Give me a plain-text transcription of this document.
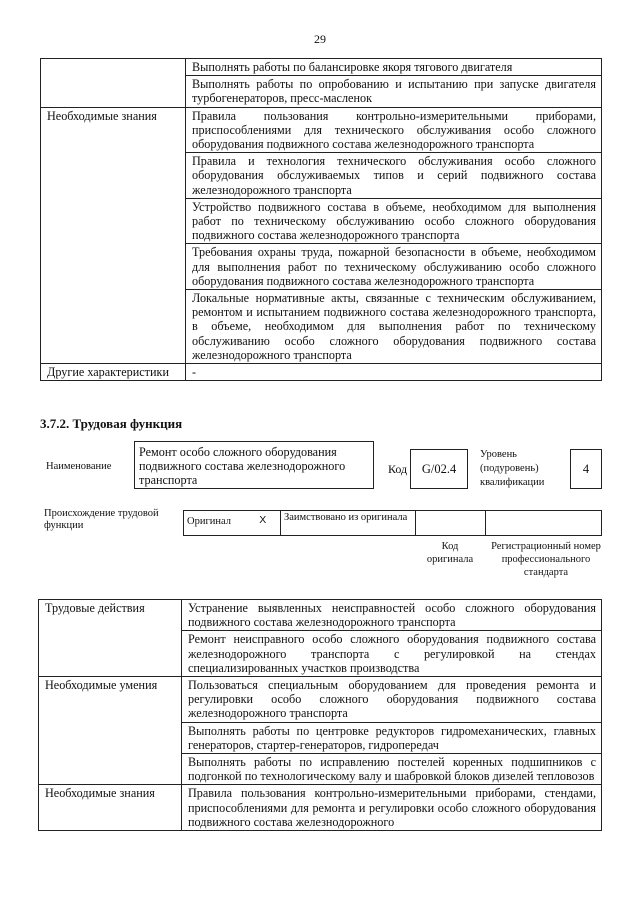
29
	Выполнять работы по балансировке якоря тягового двигателя
	Выполнять работы по опробованию и испытанию при запуске двигателя турбогенераторов, пресс-масленок
Необходимые знания	Правила пользования контрольно-измерительными приборами, приспособлениями для технического обслуживания особо сложного оборудования подвижного состава железнодорожного транспорта
	Правила и технология технического обслуживания особо сложного оборудования обслуживаемых типов и серий подвижного состава железнодорожного транспорта
	Устройство подвижного состава в объеме, необходимом для выполнения работ по техническому обслуживанию особо сложного оборудования подвижного состава железнодорожного транспорта
	Требования охраны труда, пожарной безопасности в объеме, необходимом для выполнения работ по техническому обслуживанию особо сложного оборудования подвижного состава железнодорожного транспорта
	Локальные нормативные акты, связанные с техническим обслуживанием, ремонтом и испытанием подвижного состава железнодорожного транспорта, в объеме, необходимом для выполнения работ по техническому обслуживанию особо сложного оборудования подвижного состава железнодорожного транспорта
Другие характеристики	-
3.7.2. Трудовая функция
Наименование
Ремонт особо сложного оборудования подвижного состава железнодорожного транспорта
Код	G/02.4
Уровень (подуровень) квалификации
4
Происхождение трудовой функции	Оригинал	X	Заимствовано из оригинала		
Код оригинала
Регистрационный номер профессионального стандарта
Трудовые действия	Устранение выявленных неисправностей особо сложного оборудования подвижного состава железнодорожного транспорта
	Ремонт неисправного особо сложного оборудования подвижного состава железнодорожного транспорта с регулировкой на стендах специализированных участков производства
Необходимые умения	Пользоваться специальным оборудованием для проведения ремонта и регулировки особо сложного оборудования подвижного состава железнодорожного транспорта
	Выполнять работы по центровке редукторов гидромеханических, главных генераторов, стартер-генераторов, гидропередач
	Выполнять работы по исправлению постелей коренных подшипников с подгонкой по технологическому валу и шабровкой блоков дизелей тепловозов
Необходимые знания	Правила пользования контрольно-измерительными приборами, стендами, приспособлениями для ремонта и регулировки особо сложного оборудования подвижного состава железнодорожного
